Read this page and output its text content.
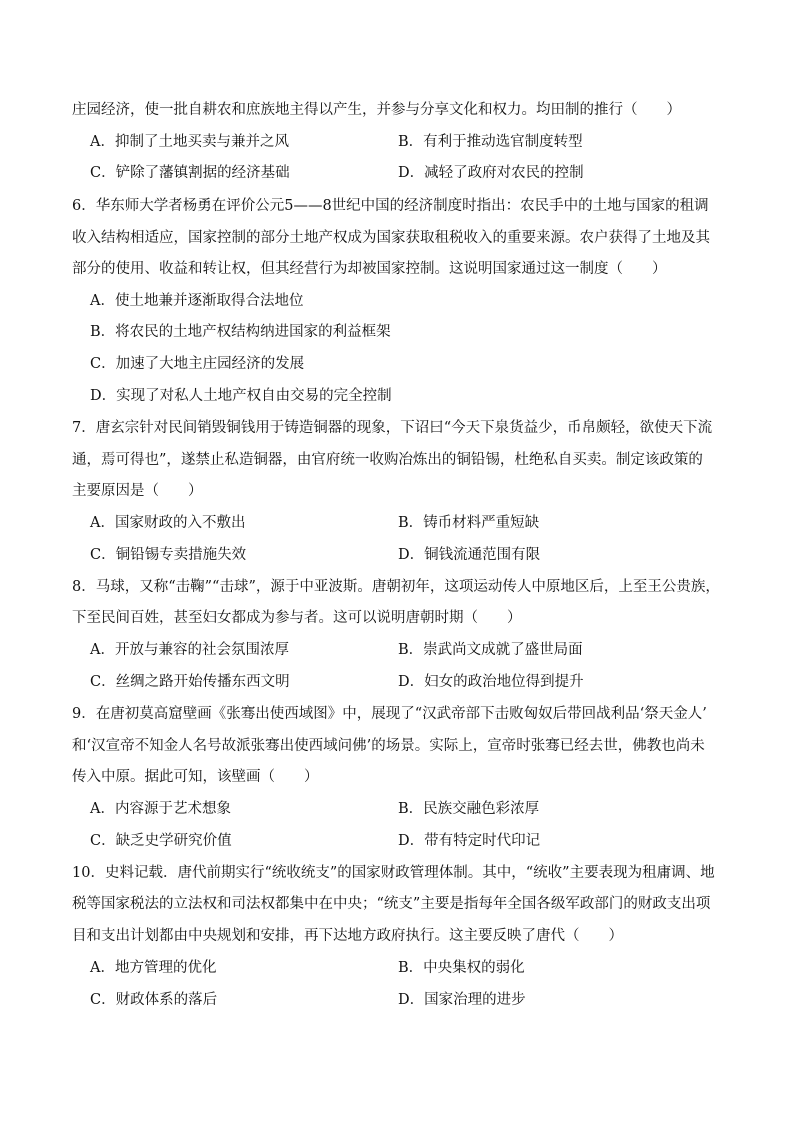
庄园经济，使一批自耕农和庶族地主得以产生，并参与分享文化和权力。均田制的推行（　　）
A．抑制了土地买卖与兼并之风	B．有利于推动选官制度转型
C．铲除了藩镇割据的经济基础	D．减轻了政府对农民的控制
6．华东师大学者杨勇在评价公元5——8世纪中国的经济制度时指出：农民手中的土地与国家的租调
收入结构相适应，国家控制的部分土地产权成为国家获取租税收入的重要来源。农户获得了土地及其
部分的使用、收益和转让权，但其经营行为却被国家控制。这说明国家通过这一制度（　　）
A．使土地兼并逐渐取得合法地位
B．将农民的土地产权结构纳进国家的利益框架
C．加速了大地主庄园经济的发展
D．实现了对私人土地产权自由交易的完全控制
7．唐玄宗针对民间销毁铜钱用于铸造铜器的现象，下诏曰“今天下泉货益少，币帛颇轻，欲使天下流
通，焉可得也”，遂禁止私造铜器，由官府统一收购冶炼出的铜铅锡，杜绝私自买卖。制定该政策的
主要原因是（　　）
A．国家财政的入不敷出	B．铸币材料严重短缺
C．铜铅锡专卖措施失效	D．铜钱流通范围有限
8．马球，又称“击鞠”“击球”，源于中亚波斯。唐朝初年，这项运动传人中原地区后，上至王公贵族，
下至民间百姓，甚至妇女都成为参与者。这可以说明唐朝时期（　　）
A．开放与兼容的社会氛围浓厚	B．崇武尚文成就了盛世局面
C．丝绸之路开始传播东西文明	D．妇女的政治地位得到提升
9．在唐初莫高窟壁画《张骞出使西域图》中，展现了“汉武帝部下击败匈奴后带回战利品‘祭天金人’
和‘汉宣帝不知金人名号故派张骞出使西域问佛’的场景。实际上，宣帝时张骞已经去世，佛教也尚未
传入中原。据此可知，该壁画（　　）
A．内容源于艺术想象	B．民族交融色彩浓厚
C．缺乏史学研究价值	D．带有特定时代印记
10．史料记载．唐代前期实行“统收统支”的国家财政管理体制。其中，“统收”主要表现为租庸调、地
税等国家税法的立法权和司法权都集中在中央；“统支”主要是指每年全国各级军政部门的财政支出项
目和支出计划都由中央规划和安排，再下达地方政府执行。这主要反映了唐代（　　）
A．地方管理的优化	B．中央集权的弱化
C．财政体系的落后	D．国家治理的进步
